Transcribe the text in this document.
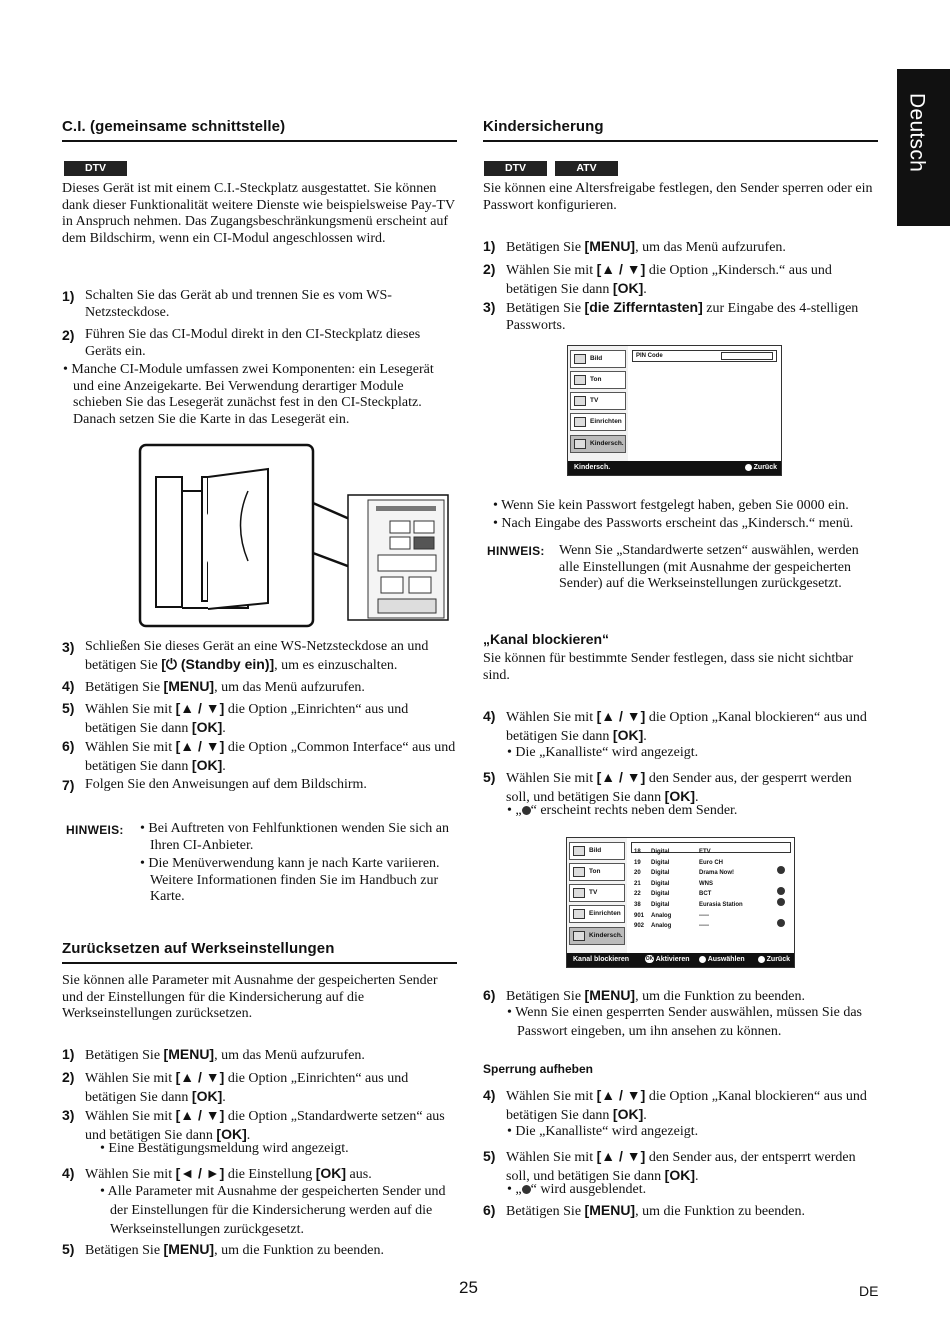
Deutsch
C.I. (gemeinsame schnittstelle)
DTV
Dieses Gerät ist mit einem C.I.-Steckplatz ausgestattet. Sie können dank dieser Funktionalität weitere Dienste wie beispielsweise Pay-TV in Anspruch nehmen. Das Zugangsbeschränkungsmenü erscheint auf dem Bildschirm, wenn ein CI-Modul angeschlossen wird.
1) Schalten Sie das Gerät ab und trennen Sie es vom WS-Netzsteckdose.
2) Führen Sie das CI-Modul direkt in den CI-Steckplatz dieses Geräts ein.
• Manche CI-Module umfassen zwei Komponenten: ein Lesegerät und eine Anzeigekarte. Bei Verwendung derartiger Module schieben Sie das Lesegerät zunächst fest in den CI-Steckplatz. Danach setzen Sie die Karte in das Lesegerät ein.
3) Schließen Sie dieses Gerät an eine WS-Netzsteckdose an und betätigen Sie [⏻ (Standby ein)], um es einzuschalten.
4) Betätigen Sie [MENU], um das Menü aufzurufen.
5) Wählen Sie mit [▲ / ▼] die Option „Einrichten“ aus und betätigen Sie dann [OK].
6) Wählen Sie mit [▲ / ▼] die Option „Common Interface“ aus und betätigen Sie dann [OK].
7) Folgen Sie den Anweisungen auf dem Bildschirm.
HINWEIS: • Bei Auftreten von Fehlfunktionen wenden Sie sich an Ihren CI-Anbieter.
• Die Menüverwendung kann je nach Karte variieren. Weitere Informationen finden Sie im Handbuch zur Karte.
Zurücksetzen auf Werkseinstellungen
Sie können alle Parameter mit Ausnahme der gespeicherten Sender und der Einstellungen für die Kindersicherung auf die Werkseinstellungen zurücksetzen.
1) Betätigen Sie [MENU], um das Menü aufzurufen.
2) Wählen Sie mit [▲ / ▼] die Option „Einrichten“ aus und betätigen Sie dann [OK].
3) Wählen Sie mit [▲ / ▼] die Option „Standardwerte setzen“ aus und betätigen Sie dann [OK].
• Eine Bestätigungsmeldung wird angezeigt.
4) Wählen Sie mit [◄ / ►] die Einstellung [OK] aus.
• Alle Parameter mit Ausnahme der gespeicherten Sender und der Einstellungen für die Kindersicherung werden auf die Werkseinstellungen zurückgesetzt.
5) Betätigen Sie [MENU], um die Funktion zu beenden.
Kindersicherung
DTV	ATV
Sie können eine Altersfreigabe festlegen, den Sender sperren oder ein Passwort konfigurieren.
1) Betätigen Sie [MENU], um das Menü aufzurufen.
2) Wählen Sie mit [▲ / ▼] die Option „Kindersch.“ aus und betätigen Sie dann [OK].
3) Betätigen Sie [die Zifferntasten] zur Eingabe des 4-stelligen Passworts.
Bild
Ton
TV
Einrichten
Kindersch.
PIN Code
Kindersch.	Zurück
• Wenn Sie kein Passwort festgelegt haben, geben Sie 0000 ein.
• Nach Eingabe des Passworts erscheint das „Kindersch.“ menü.
HINWEIS: Wenn Sie „Standardwerte setzen“ auswählen, werden alle Einstellungen (mit Ausnahme der gespeicherten Sender) auf die Werkseinstellungen zurückgesetzt.
„Kanal blockieren“
Sie können für bestimmte Sender festlegen, dass sie nicht sichtbar sind.
4) Wählen Sie mit [▲ / ▼] die Option „Kanal blockieren“ aus und betätigen Sie dann [OK].
• Die „Kanalliste“ wird angezeigt.
5) Wählen Sie mit [▲ / ▼] den Sender aus, der gesperrt werden soll, und betätigen Sie dann [OK].
• „ “ erscheint rechts neben dem Sender.
Bild
Ton
TV
Einrichten
Kindersch.
18 Digital	ETV
19 Digital	Euro CH
20 Digital	Drama Now!
21 Digital	WNS
22 Digital	BCT
38 Digital	Eurasia Station
901 Analog	-----
902 Analog	-----
Kanal blockieren	OK Aktivieren	Auswählen	Zurück
6) Betätigen Sie [MENU], um die Funktion zu beenden.
• Wenn Sie einen gesperrten Sender auswählen, müssen Sie das Passwort eingeben, um ihn ansehen zu können.
Sperrung aufheben
4) Wählen Sie mit [▲ / ▼] die Option „Kanal blockieren“ aus und betätigen Sie dann [OK].
• Die „Kanalliste“ wird angezeigt.
5) Wählen Sie mit [▲ / ▼] den Sender aus, der entsperrt werden soll, und betätigen Sie dann [OK].
• „ “ wird ausgeblendet.
6) Betätigen Sie [MENU], um die Funktion zu beenden.
25	DE
